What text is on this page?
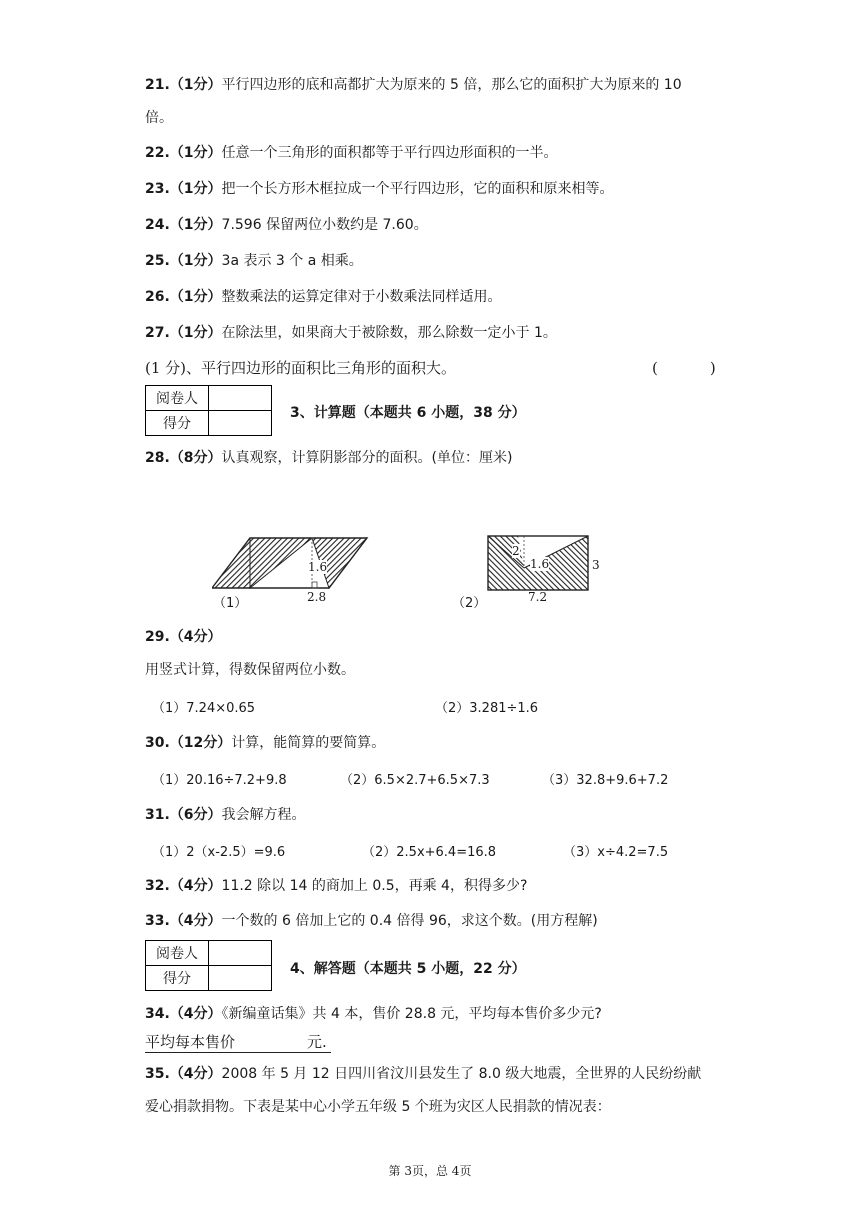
21.（1分）平行四边形的底和高都扩大为原来的 5 倍，那么它的面积扩大为原来的 10
倍。
22.（1分）任意一个三角形的面积都等于平行四边形面积的一半。
23.（1分）把一个长方形木框拉成一个平行四边形，它的面积和原来相等。
24.（1分）7.596 保留两位小数约是 7.60。
25.（1分）3a 表示 3 个 a 相乘。
26.（1分）整数乘法的运算定律对于小数乘法同样适用。
27.（1分）在除法里，如果商大于被除数，那么除数一定小于 1。
(1 分)、平行四边形的面积比三角形的面积大。	(	)
阅卷人	
得分	
3、计算题（本题共 6 小题，38 分）
28.（8分）认真观察，计算阴影部分的面积。(单位：厘米)
1.6
2.8
（1）
2
1.6	3
7.2
（2）
29.（4分）
用竖式计算，得数保留两位小数。
（1）7.24×0.65	（2）3.281÷1.6
30.（12分）计算，能简算的要简算。
（1）20.16÷7.2+9.8	（2）6.5×2.7+6.5×7.3	（3）32.8+9.6+7.2
31.（6分）我会解方程。
（1）2（x-2.5）=9.6	（2）2.5x+6.4=16.8	（3）x÷4.2=7.5
32.（4分）11.2 除以 14 的商加上 0.5，再乘 4，积得多少?
33.（4分）一个数的 6 倍加上它的 0.4 倍得 96，求这个数。(用方程解)
阅卷人	
得分	
4、解答题（本题共 5 小题，22 分）
34.（4分）《新编童话集》共 4 本，售价 28.8 元，平均每本售价多少元?
平均每本售价	元.
35.（4分）2008 年 5 月 12 日四川省汶川县发生了 8.0 级大地震，全世界的人民纷纷献
爱心捐款捐物。下表是某中心小学五年级 5 个班为灾区人民捐款的情况表：
第 3页，总 4页
